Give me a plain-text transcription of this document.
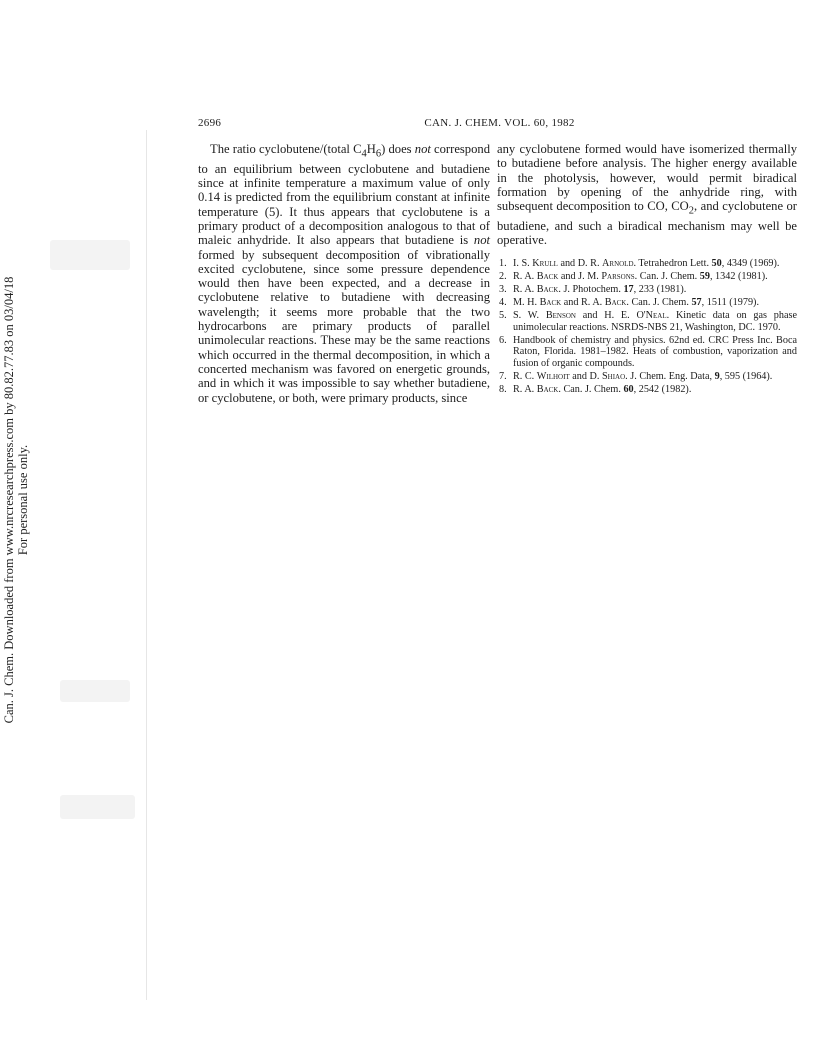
Can. J. Chem. Downloaded from www.nrcresearchpress.com by 80.82.77.83 on 03/04/18 For personal use only.
2696	CAN. J. CHEM. VOL. 60, 1982

The ratio cyclobutene/(total $C_4H_6$) does not correspond to an equilibrium between cyclobutene and butadiene since at infinite temperature a maximum value of only 0.14 is predicted from the equilibrium constant at infinite temperature (5). It thus appears that cyclobutene is a primary product of a decomposition analogous to that of maleic anhydride. It also appears that butadiene is not formed by subsequent decomposition of vibrationally excited cyclobutene, since some pressure dependence would then have been expected, and a decrease in cyclobutene relative to butadiene with decreasing wavelength; it seems more probable that the two hydrocarbons are primary products of parallel unimolecular reactions. These may be the same reactions which occurred in the thermal decomposition, in which a concerted mechanism was favored on energetic grounds, and in which it was impossible to say whether butadiene, or cyclobutene, or both, were primary products, since

any cyclobutene formed would have isomerized thermally to butadiene before analysis. The higher energy available in the photolysis, however, would permit biradical formation by opening of the anhydride ring, with subsequent decomposition to CO, $CO_2$, and cyclobutene or butadiene, and such a biradical mechanism may well be operative.

1. I. S. Krull and D. R. Arnold. Tetrahedron Lett. 50, 4349 (1969).
2. R. A. Back and J. M. Parsons. Can. J. Chem. 59, 1342 (1981).
3. R. A. Back. J. Photochem. 17, 233 (1981).
4. M. H. Back and R. A. Back. Can. J. Chem. 57, 1511 (1979).
5. S. W. Benson and H. E. O'Neal. Kinetic data on gas phase unimolecular reactions. NSRDS-NBS 21, Washington, DC. 1970.
6. Handbook of chemistry and physics. 62nd ed. CRC Press Inc. Boca Raton, Florida. 1981–1982. Heats of combustion, vaporization and fusion of organic compounds.
7. R. C. Wilhoit and D. Shiao. J. Chem. Eng. Data, 9, 595 (1964).
8. R. A. Back. Can. J. Chem. 60, 2542 (1982).
